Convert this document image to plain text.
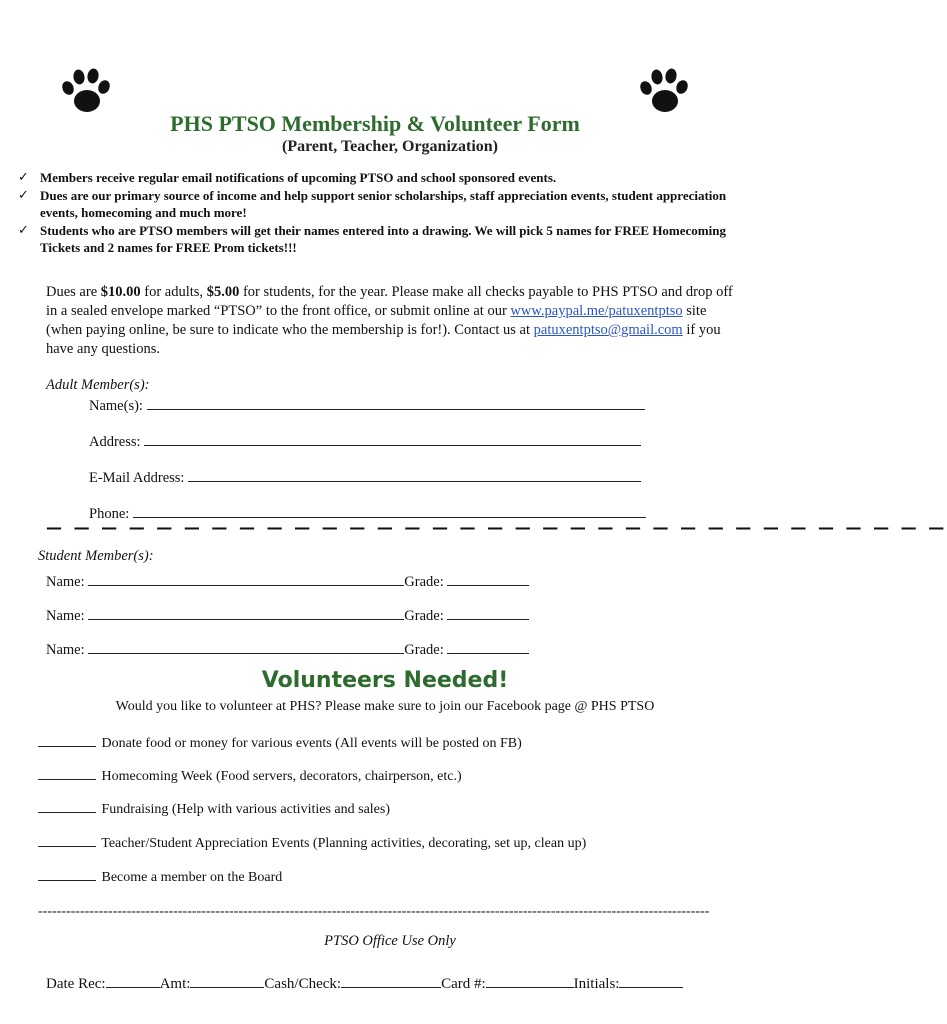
PHS PTSO Membership & Volunteer Form
(Parent, Teacher, Organization)
✓ Members receive regular email notifications of upcoming PTSO and school sponsored events.
✓ Dues are our primary source of income and help support senior scholarships, staff appreciation events, student appreciation events, homecoming and much more!
✓ Students who are PTSO members will get their names entered into a drawing. We will pick 5 names for FREE Homecoming Tickets and 2 names for FREE Prom tickets!!!
Dues are $10.00 for adults, $5.00 for students, for the year. Please make all checks payable to PHS PTSO and drop off in a sealed envelope marked “PTSO” to the front office, or submit online at our www.paypal.me/patuxentptso site (when paying online, be sure to indicate who the membership is for!). Contact us at patuxentptso@gmail.com if you have any questions.
Adult Member(s):
Name(s):
Address:
E-Mail Address:
Phone:
— — — — — — — — — — — — — — — — — — — — — — — — — — — — — — — — —
Student Member(s):
Name:	Grade:
Name:	Grade:
Name:	Grade:
Volunteers Needed!
Would you like to volunteer at PHS? Please make sure to join our Facebook page @ PHS PTSO
Donate food or money for various events (All events will be posted on FB)
Homecoming Week (Food servers, decorators, chairperson, etc.)
Fundraising (Help with various activities and sales)
Teacher/Student Appreciation Events (Planning activities, decorating, set up, clean up)
Become a member on the Board
------------------------------------------------------------------------------------------------------------------------------------------------
PTSO Office Use Only
Date Rec:	Amt:	Cash/Check:	Card #:	Initials:
